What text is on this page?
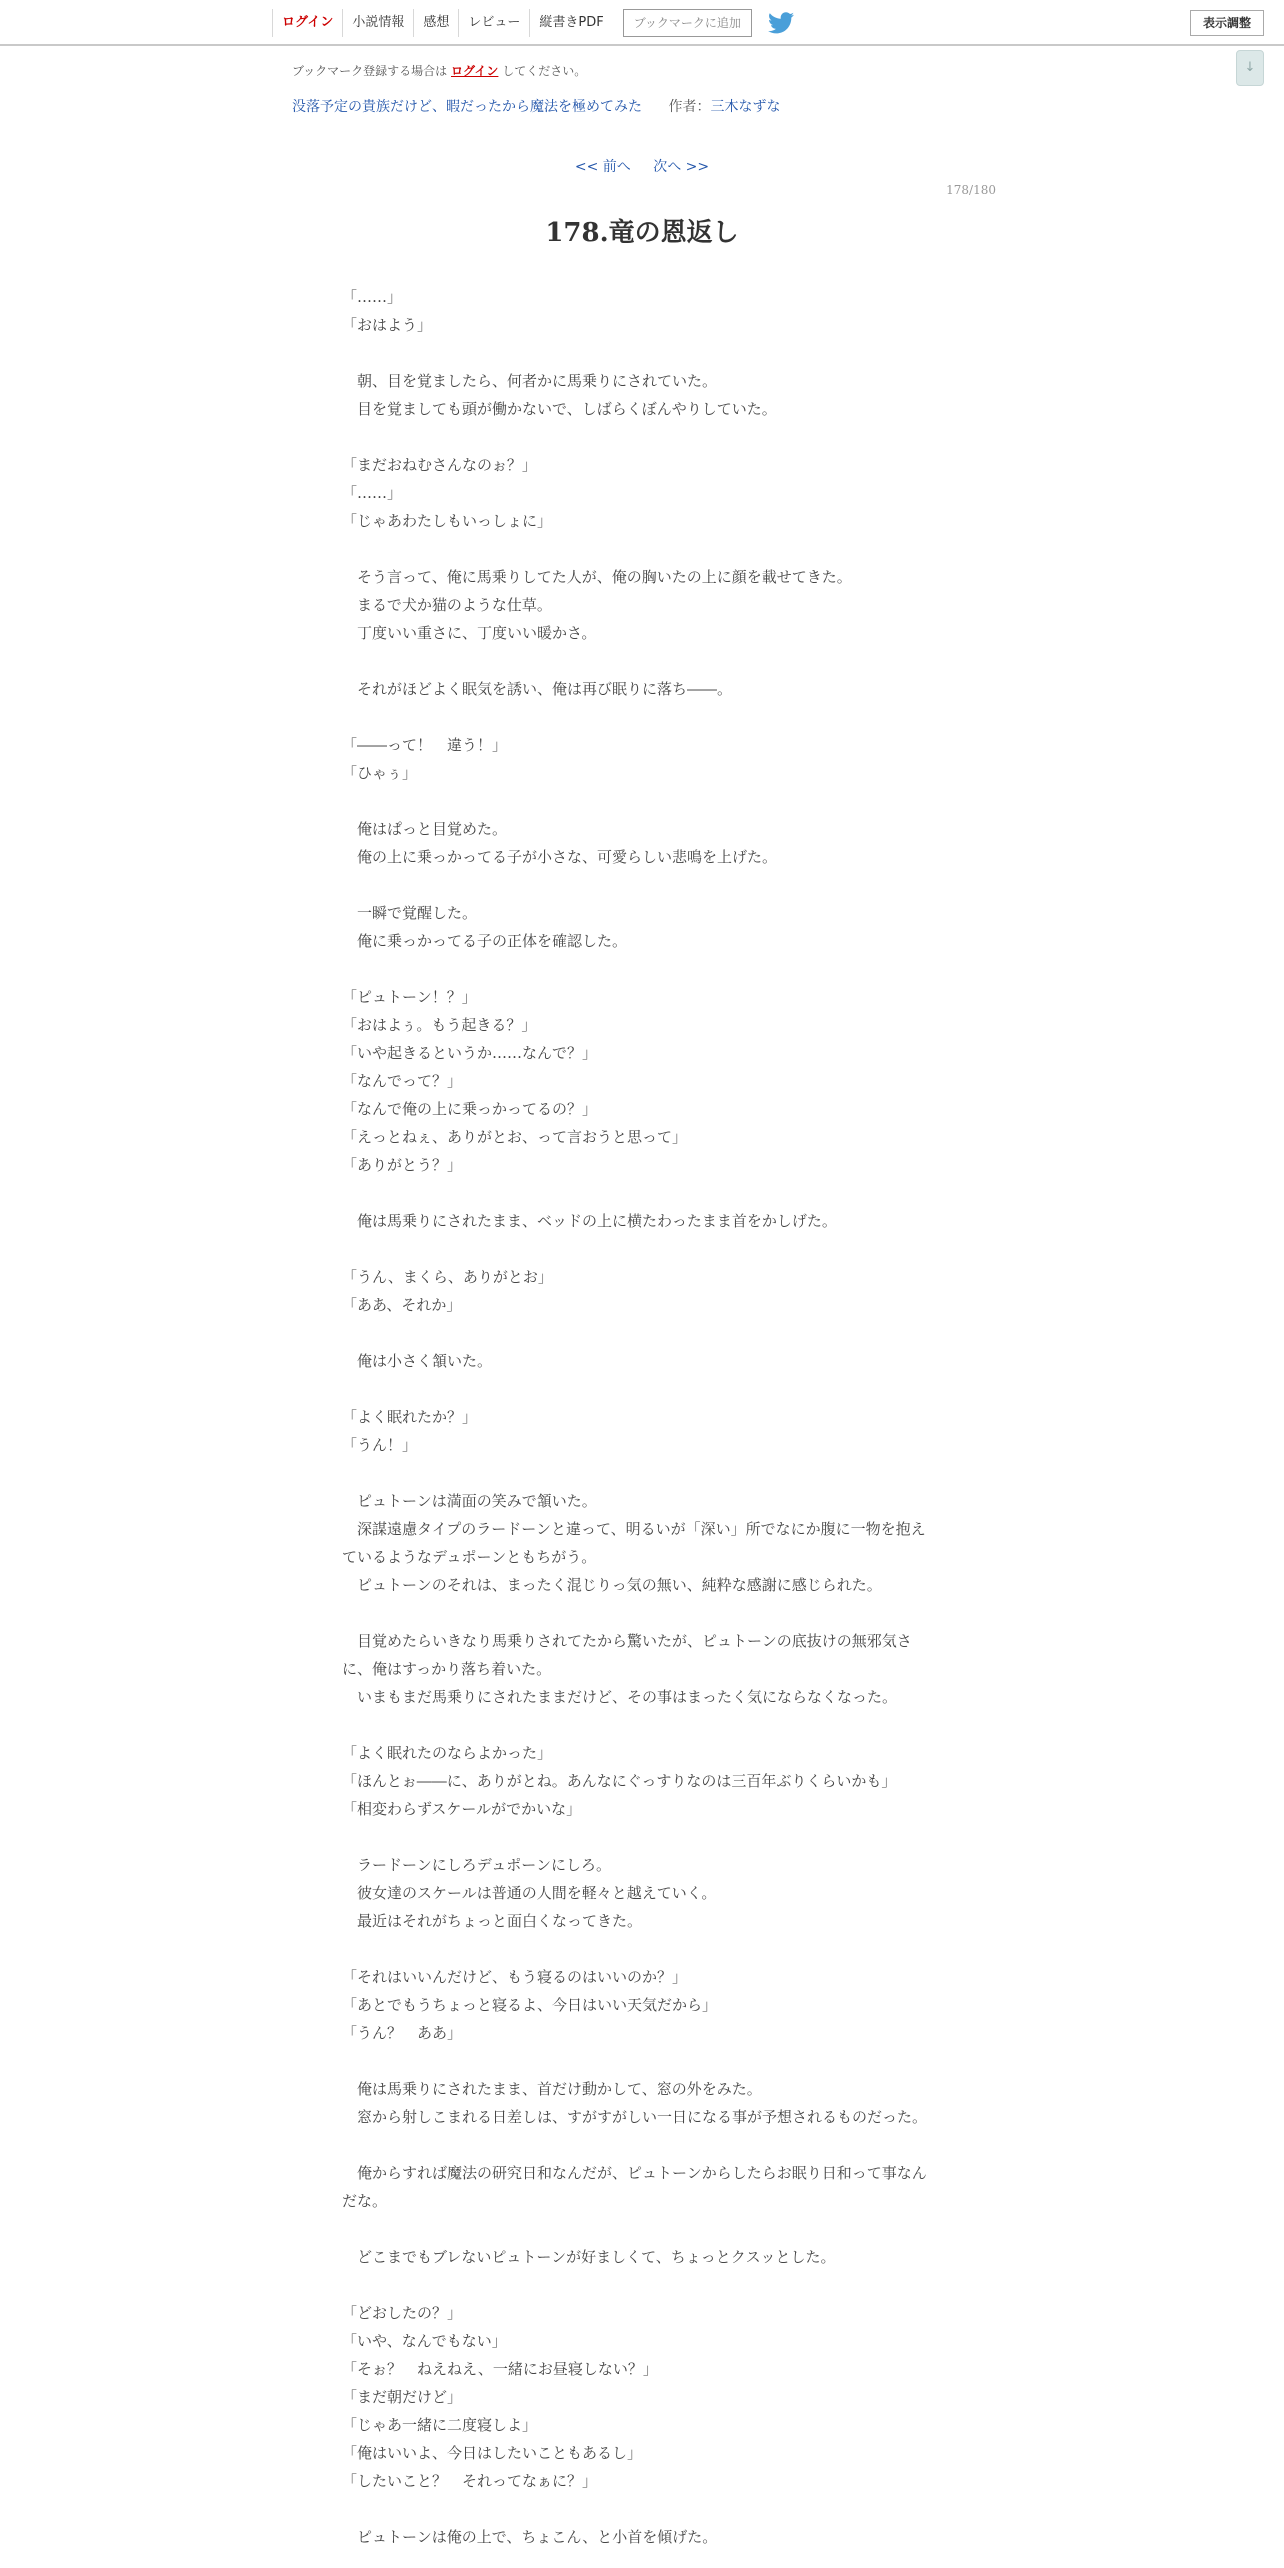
ログイン	小説情報	感想	レビュー	縦書きPDF	ブックマークに追加	表示調整
↓
ブックマーク登録する場合は ログイン してください。
没落予定の貴族だけど、暇だったから魔法を極めてみた 作者：三木なずな
<< 前へ 次へ >>
178/180
178.竜の恩返し

「……」

「おはよう」

　朝、目を覚ましたら、何者かに馬乗りにされていた。

　目を覚ましても頭が働かないで、しばらくぼんやりしていた。

「まだおねむさんなのぉ？」

「……」

「じゃあわたしもいっしょに」

　そう言って、俺に馬乗りしてた人が、俺の胸いたの上に顔を載せてきた。

　まるで犬か猫のような仕草。

　丁度いい重さに、丁度いい暖かさ。

　それがほどよく眠気を誘い、俺は再び眠りに落ち――。

「――って！　違う！」

「ひゃぅ」

　俺はぱっと目覚めた。

　俺の上に乗っかってる子が小さな、可愛らしい悲鳴を上げた。

　一瞬で覚醒した。

　俺に乗っかってる子の正体を確認した。

「ピュトーン！？」

「おはよぅ。もう起きる？」

「いや起きるというか……なんで？」

「なんでって？」

「なんで俺の上に乗っかってるの？」

「えっとねぇ、ありがとお、って言おうと思って」

「ありがとう？」

　俺は馬乗りにされたまま、ベッドの上に横たわったまま首をかしげた。

「うん、まくら、ありがとお」

「ああ、それか」

　俺は小さく頷いた。

「よく眠れたか？」

「うん！」

　ピュトーンは満面の笑みで頷いた。

　深謀遠慮タイプのラードーンと違って、明るいが「深い」所でなにか腹に一物を抱えているようなデュポーンともちがう。

　ピュトーンのそれは、まったく混じりっ気の無い、純粋な感謝に感じられた。

　目覚めたらいきなり馬乗りされてたから驚いたが、ピュトーンの底抜けの無邪気さに、俺はすっかり落ち着いた。

　いまもまだ馬乗りにされたままだけど、その事はまったく気にならなくなった。

「よく眠れたのならよかった」

「ほんとぉ――に、ありがとね。あんなにぐっすりなのは三百年ぶりくらいかも」

「相変わらずスケールがでかいな」

　ラードーンにしろデュポーンにしろ。

　彼女達のスケールは普通の人間を軽々と越えていく。

　最近はそれがちょっと面白くなってきた。

「それはいいんだけど、もう寝るのはいいのか？」

「あとでもうちょっと寝るよ、今日はいい天気だから」

「うん？　ああ」

　俺は馬乗りにされたまま、首だけ動かして、窓の外をみた。

　窓から射しこまれる日差しは、すがすがしい一日になる事が予想されるものだった。

　俺からすれば魔法の研究日和なんだが、ピュトーンからしたらお眠り日和って事なんだな。

　どこまでもブレないピュトーンが好ましくて、ちょっとクスッとした。

「どおしたの？」

「いや、なんでもない」

「そぉ？　ねえねえ、一緒にお昼寝しない？」

「まだ朝だけど」

「じゃあ一緒に二度寝しよ」

「俺はいいよ、今日はしたいこともあるし」

「したいこと？　それってなぁに？」

　ピュトーンは俺の上で、ちょこん、と小首を傾げた。
